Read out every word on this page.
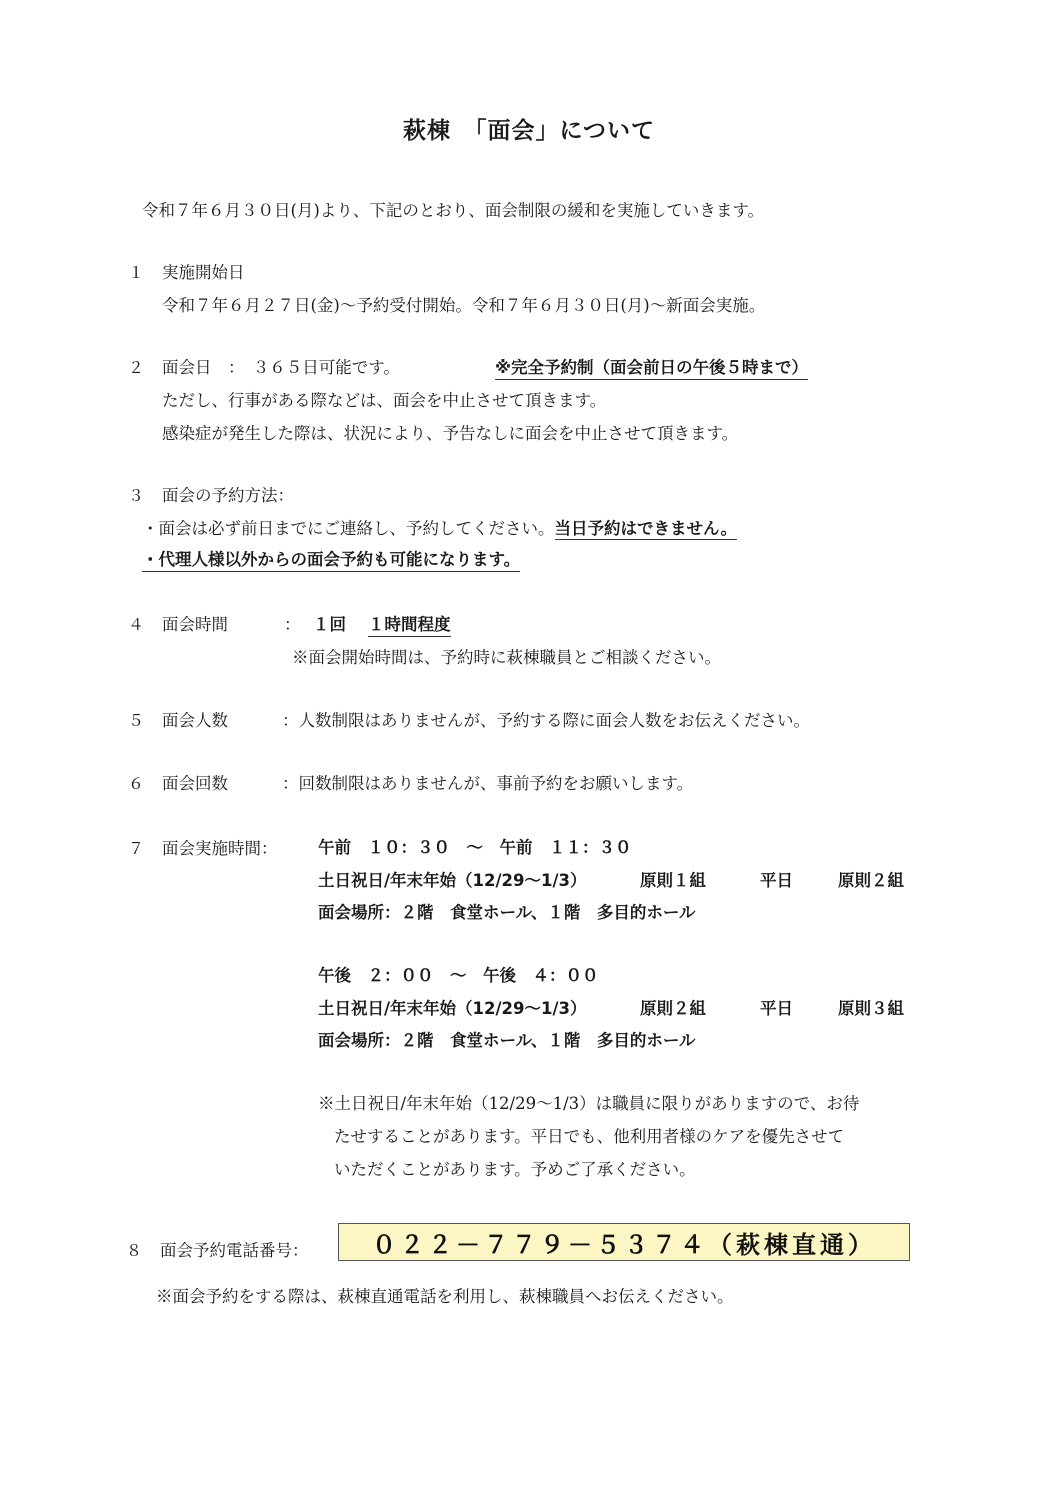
萩棟　「面会」について
令和７年６月３０日(月)より、下記のとおり、面会制限の緩和を実施していきます。
１ 実施開始日
令和７年６月２７日(金)～予約受付開始。令和７年６月３０日(月)～新面会実施。
２ 面会日　：　３６５日可能です。	※完全予約制（面会前日の午後５時まで）
ただし、行事がある際などは、面会を中止させて頂きます。
感染症が発生した際は、状況により、予告なしに面会を中止させて頂きます。
３ 面会の予約方法：
・面会は必ず前日までにご連絡し、予約してください。当日予約はできません。
・代理人様以外からの面会予約も可能になります。
４ 面会時間	： １回 １時間程度
※面会開始時間は、予約時に萩棟職員とご相談ください。
５ 面会人数	：人数制限はありませんが、予約する際に面会人数をお伝えください。
６ 面会回数	：回数制限はありませんが、事前予約をお願いします。
７ 面会実施時間： 午前　１０：３０　～　午前　１１：３０
土日祝日/年末年始（12/29～1/3）	原則１組	平日	原則２組
面会場所：２階　食堂ホール、１階　多目的ホール
午後　２：００　～　午後　４：００
土日祝日/年末年始（12/29～1/3）	原則２組	平日	原則３組
面会場所：２階　食堂ホール、１階　多目的ホール
※土日祝日/年末年始（12/29～1/3）は職員に限りがありますので、お待
たせすることがあります。平日でも、他利用者様のケアを優先させて
いただくことがあります。予めご了承ください。
８ 面会予約電話番号：	０２２－７７９－５３７４（萩棟直通）
※面会予約をする際は、萩棟直通電話を利用し、萩棟職員へお伝えください。
